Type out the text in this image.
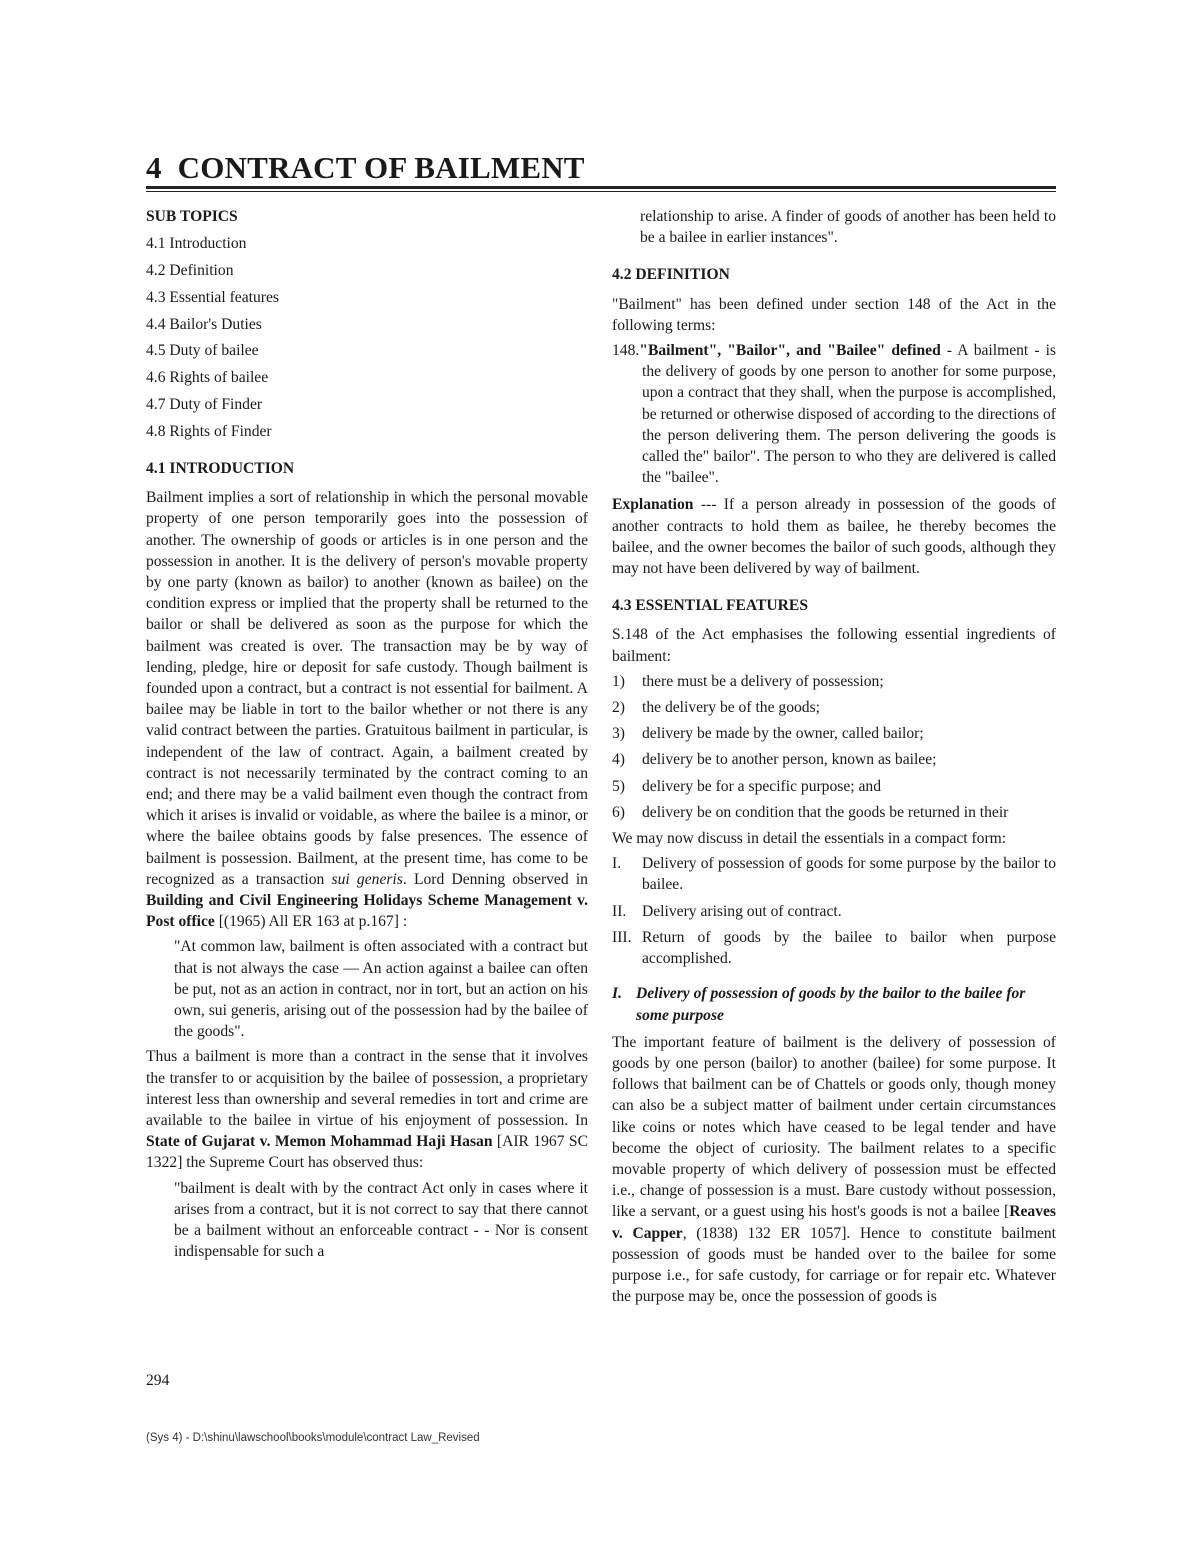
4 CONTRACT OF BAILMENT
SUB TOPICS
4.1 Introduction
4.2 Definition
4.3 Essential features
4.4 Bailor's Duties
4.5 Duty of bailee
4.6 Rights of bailee
4.7 Duty of Finder
4.8 Rights of Finder
4.1 INTRODUCTION

Bailment implies a sort of relationship in which the personal movable property of one person temporarily goes into the possession of another. The ownership of goods or articles is in one person and the possession in another. It is the delivery of person's movable property by one party (known as bailor) to another (known as bailee) on the condition express or implied that the property shall be returned to the bailor or shall be delivered as soon as the purpose for which the bailment was created is over. The transaction may be by way of lending, pledge, hire or deposit for safe custody. Though bailment is founded upon a contract, but a contract is not essential for bailment. A bailee may be liable in tort to the bailor whether or not there is any valid contract between the parties. Gratuitous bailment in particular, is independent of the law of contract. Again, a bailment created by contract is not necessarily terminated by the contract coming to an end; and there may be a valid bailment even though the contract from which it arises is invalid or voidable, as where the bailee is a minor, or where the bailee obtains goods by false presences. The essence of bailment is possession. Bailment, at the present time, has come to be recognized as a transaction sui generis. Lord Denning observed in Building and Civil Engineering Holidays Scheme Management v. Post office [(1965) All ER 163 at p.167] :

"At common law, bailment is often associated with a contract but that is not always the case — An action against a bailee can often be put, not as an action in contract, nor in tort, but an action on his own, sui generis, arising out of the possession had by the bailee of the goods".

Thus a bailment is more than a contract in the sense that it involves the transfer to or acquisition by the bailee of possession, a proprietary interest less than ownership and several remedies in tort and crime are available to the bailee in virtue of his enjoyment of possession. In State of Gujarat v. Memon Mohammad Haji Hasan [AIR 1967 SC 1322] the Supreme Court has observed thus:

"bailment is dealt with by the contract Act only in cases where it arises from a contract, but it is not correct to say that there cannot be a bailment without an enforceable contract - - Nor is consent indispensable for such a

294
(Sys 4) - D:\shinu\lawschool\books\module\contract Law_Revised

relationship to arise. A finder of goods of another has been held to be a bailee in earlier instances".

4.2 DEFINITION

"Bailment" has been defined under section 148 of the Act in the following terms:

148."Bailment", "Bailor", and "Bailee" defined - A bailment - is the delivery of goods by one person to another for some purpose, upon a contract that they shall, when the purpose is accomplished, be returned or otherwise disposed of according to the directions of the person delivering them. The person delivering the goods is called the" bailor". The person to who they are delivered is called the "bailee".

Explanation --- If a person already in possession of the goods of another contracts to hold them as bailee, he thereby becomes the bailee, and the owner becomes the bailor of such goods, although they may not have been delivered by way of bailment.

4.3 ESSENTIAL FEATURES

S.148 of the Act emphasises the following essential ingredients of bailment:

1) there must be a delivery of possession;
2) the delivery be of the goods;
3) delivery be made by the owner, called bailor;
4) delivery be to another person, known as bailee;
5) delivery be for a specific purpose; and
6) delivery be on condition that the goods be returned in their

We may now discuss in detail the essentials in a compact form:

I. Delivery of possession of goods for some purpose by the bailor to bailee.
II. Delivery arising out of contract.
III. Return of goods by the bailee to bailor when purpose accomplished.
I. Delivery of possession of goods by the bailor to the bailee for some purpose

The important feature of bailment is the delivery of possession of goods by one person (bailor) to another (bailee) for some purpose. It follows that bailment can be of Chattels or goods only, though money can also be a subject matter of bailment under certain circumstances like coins or notes which have ceased to be legal tender and have become the object of curiosity. The bailment relates to a specific movable property of which delivery of possession must be effected i.e., change of possession is a must. Bare custody without possession, like a servant, or a guest using his host's goods is not a bailee [Reaves v. Capper, (1838) 132 ER 1057]. Hence to constitute bailment possession of goods must be handed over to the bailee for some purpose i.e., for safe custody, for carriage or for repair etc. Whatever the purpose may be, once the possession of goods is
